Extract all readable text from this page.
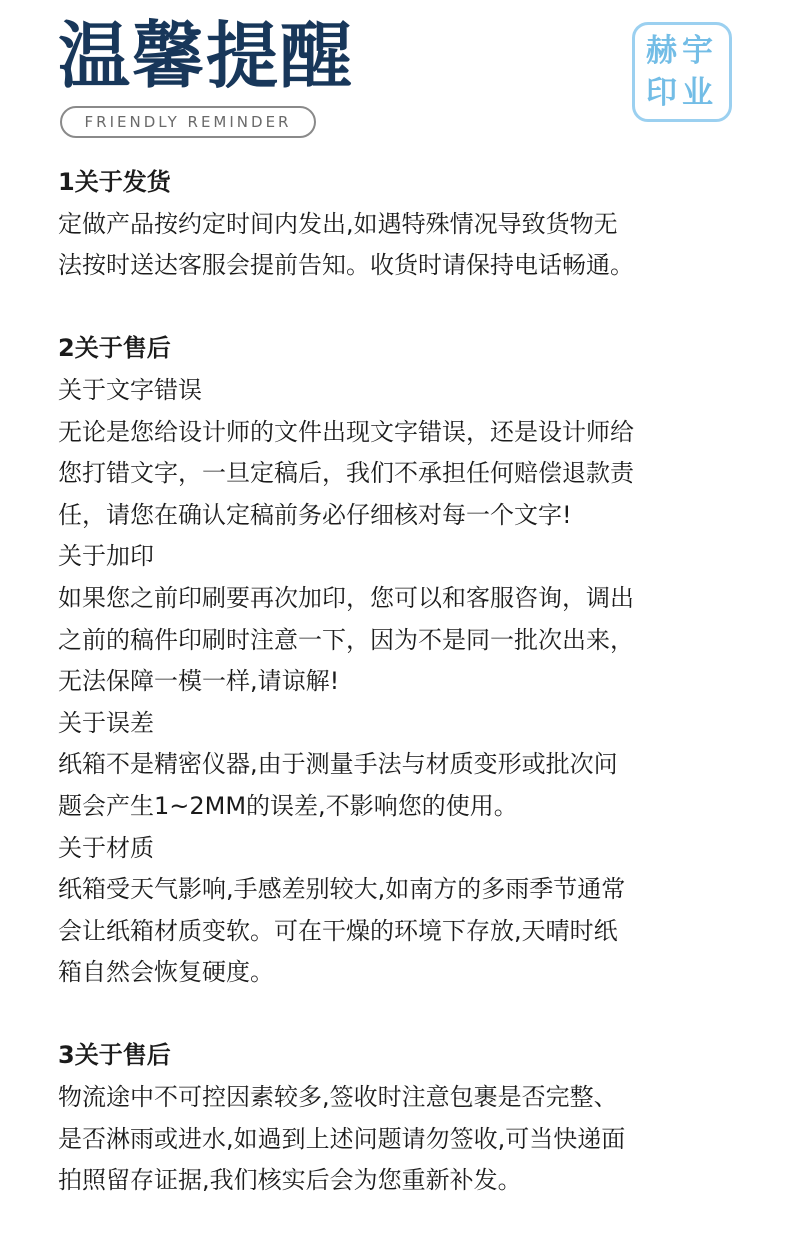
温馨提醒
FRIENDLY REMINDER
赫宇
印业

1关于发货

定做产品按约定时间内发出,如遇特殊情况导致货物无

法按时送达客服会提前告知。收货时请保持电话畅通。

2关于售后

关于文字错误

无论是您给设计师的文件出现文字错误，还是设计师给

您打错文字，一旦定稿后，我们不承担任何赔偿退款责

任，请您在确认定稿前务必仔细核对每一个文字!

关于加印

如果您之前印刷要再次加印，您可以和客服咨询，调出

之前的稿件印刷时注意一下，因为不是同一批次出来，

无法保障一模一样,请谅解!

关于误差

纸箱不是精密仪器,由于测量手法与材质变形或批次问

题会产生1~2MM的误差,不影响您的使用。

关于材质

纸箱受天气影响,手感差别较大,如南方的多雨季节通常

会让纸箱材质变软。可在干燥的环境下存放,天晴时纸

箱自然会恢复硬度。

3关于售后

物流途中不可控因素较多,签收时注意包裹是否完整、

是否淋雨或进水,如過到上述问题请勿签收,可当快递面

拍照留存证据,我们核实后会为您重新补发。
